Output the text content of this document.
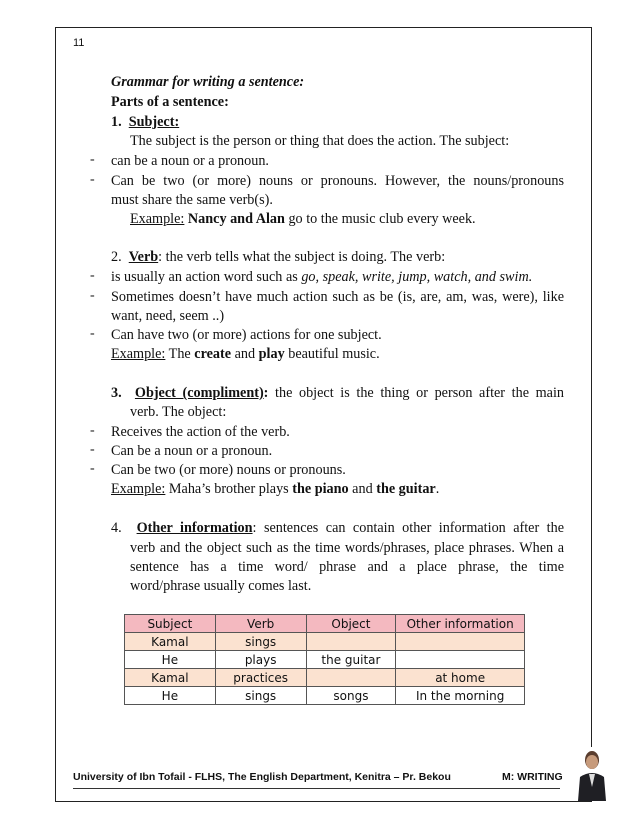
11
Grammar for writing a sentence:
Parts of a sentence:
1. Subject:
The subject is the person or thing that does the action. The subject:
- can be a noun or a pronoun.
- Can be two (or more) nouns or pronouns. However, the nouns/pronouns
must share the same verb(s).
Example: Nancy and Alan go to the music club every week.
2. Verb: the verb tells what the subject is doing. The verb:
- is usually an action word such as go, speak, write, jump, watch, and swim.
- Sometimes doesn’t have much action such as be (is, are, am, was, were), like
want, need, seem ..)
- Can have two (or more) actions for one subject.
Example: The create and play beautiful music.
3. Object (compliment): the object is the thing or person after the main
verb. The object:
- Receives the action of the verb.
- Can be a noun or a pronoun.
- Can be two (or more) nouns or pronouns.
Example: Maha’s brother plays the piano and the guitar.
4. Other information: sentences can contain other information after the
verb and the object such as the time words/phrases, place phrases. When a
sentence has a time word/ phrase and a place phrase, the time
word/phrase usually comes last.
Subject	Verb	Object	Other information
Kamal	sings		
He	plays	the guitar	
Kamal	practices		at home
He	sings	songs	In the morning
University of Ibn Tofail - FLHS, The English Department, Kenitra – Pr. Bekou	M: WRITING
